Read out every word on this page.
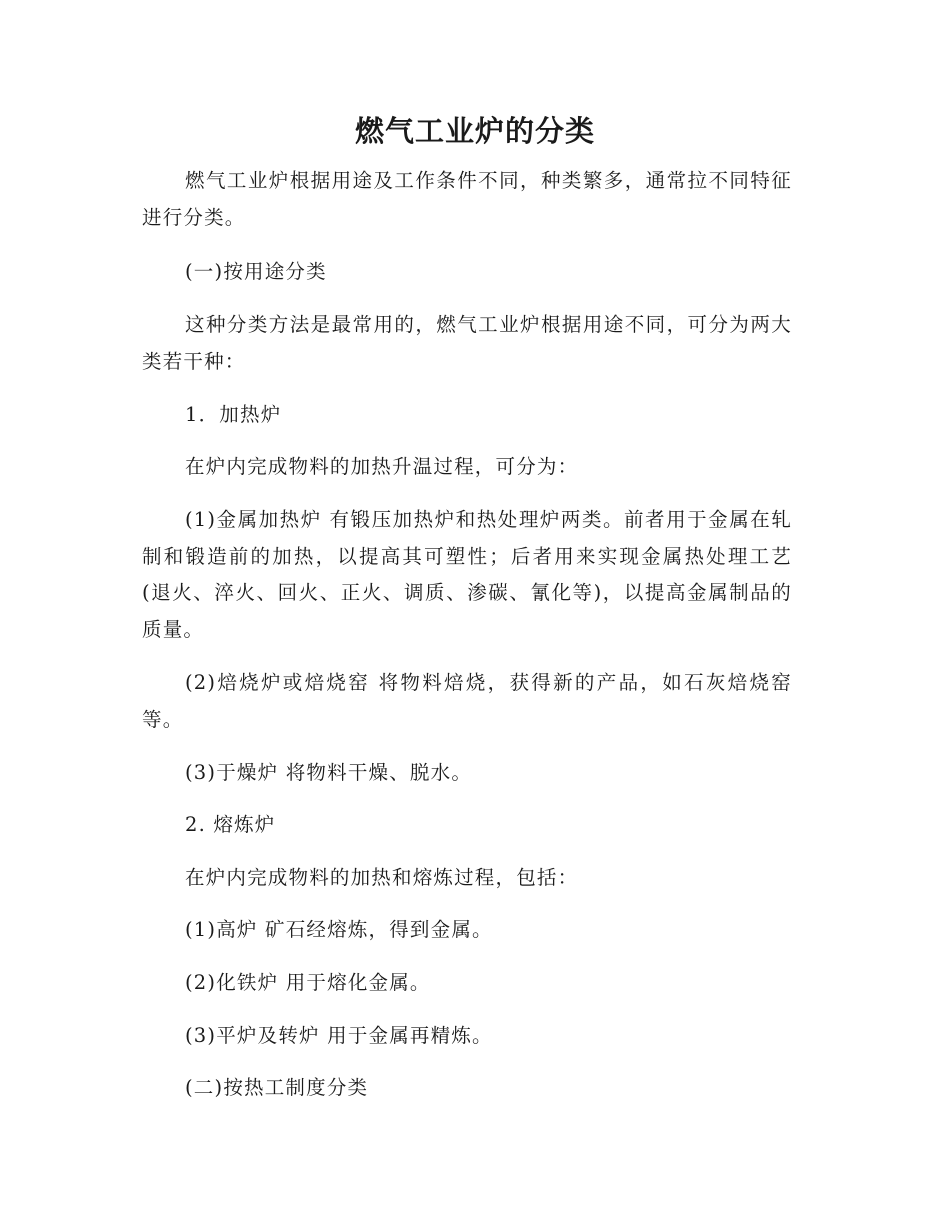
燃气工业炉的分类

燃气工业炉根据用途及工作条件不同，种类繁多，通常拉不同特征进行分类。

(一)按用途分类

这种分类方法是最常用的，燃气工业炉根据用途不同，可分为两大类若干种：

1．加热炉

在炉内完成物料的加热升温过程，可分为：

(1)金属加热炉 有锻压加热炉和热处理炉两类。前者用于金属在轧制和锻造前的加热，以提高其可塑性；后者用来实现金属热处理工艺(退火、淬火、回火、正火、调质、渗碳、氰化等)，以提高金属制品的质量。

(2)焙烧炉或焙烧窑 将物料焙烧，获得新的产品，如石灰焙烧窑等。

(3)于燥炉 将物料干燥、脱水。

2. 熔炼炉

在炉内完成物料的加热和熔炼过程，包括：

(1)高炉 矿石经熔炼，得到金属。

(2)化铁炉 用于熔化金属。

(3)平炉及转炉 用于金属再精炼。

(二)按热工制度分类
